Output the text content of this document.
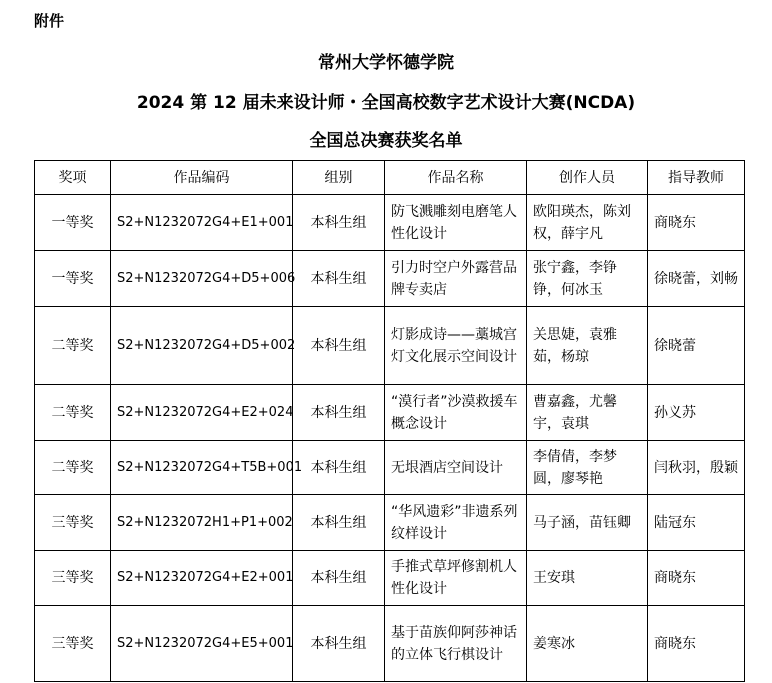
附件
常州大学怀德学院
2024 第 12 届未来设计师・全国高校数字艺术设计大赛(NCDA)
全国总决赛获奖名单
奖项	作品编码	组别	作品名称	创作人员	指导教师
一等奖	S2+N1232072G4+E1+001	本科生组	防飞溅雕刻电磨笔人性化设计	欧阳瑛杰，陈刘权，薛宇凡	商晓东
一等奖	S2+N1232072G4+D5+006	本科生组	引力时空户外露营品牌专卖店	张宁鑫，李铮铮，何冰玉	徐晓蕾，刘畅
二等奖	S2+N1232072G4+D5+002	本科生组	灯影成诗——藁城宫灯文化展示空间设计	关思婕，袁雅茹，杨琼	徐晓蕾
二等奖	S2+N1232072G4+E2+024	本科生组	“漠行者”沙漠救援车概念设计	曹嘉鑫，尤馨宇，袁琪	孙义苏
二等奖	S2+N1232072G4+T5B+001	本科生组	无垠酒店空间设计	李倩倩，李梦圆，廖琴艳	闫秋羽，殷颖
三等奖	S2+N1232072H1+P1+002	本科生组	“华风遗彩”非遗系列纹样设计	马子涵，苗钰卿	陆冠东
三等奖	S2+N1232072G4+E2+001	本科生组	手推式草坪修割机人性化设计	王安琪	商晓东
三等奖	S2+N1232072G4+E5+001	本科生组	基于苗族仰阿莎神话的立体飞行棋设计	姜寒冰	商晓东
